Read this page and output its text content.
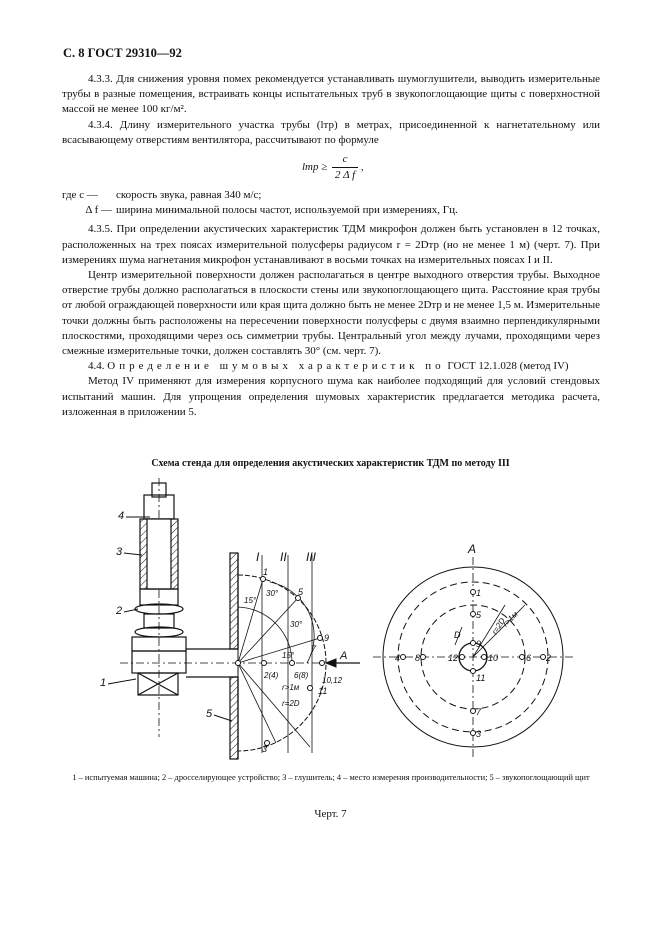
С. 8 ГОСТ 29310—92

4.3.3. Для снижения уровня помех рекомендуется устанавливать шумоглушители, выводить измерительные трубы в разные помещения, встраивать концы испытательных труб в звукопоглощающие щиты с поверхностной массой не менее 100 кг/м².

4.3.4. Длину измерительного участка трубы (lтр) в метрах, присоединенной к нагнетательному или всасывающему отверстиям вентилятора, рассчитывают по формуле

lтр ≥ $\frac{c}{\text{2 Δ f}}$ ,
где c —	скорость звука, равная 340 м/с;
Δ f — ширина минимальной полосы частот, используемой при измерениях, Гц.

4.3.5. При определении акустических характеристик ТДМ микрофон должен быть установлен в 12 точках, расположенных на трех поясах измерительной полусферы радиусом r = 2Dтр (но не менее 1 м) (черт. 7). При измерениях шума нагнетания микрофон устанавливают в восьми точках на измерительных поясах I и II.

Центр измерительной поверхности должен располагаться в центре выходного отверстия трубы. Выходное отверстие трубы должно располагаться в плоскости стены или звукопоглощающего щита. Расстояние края трубы от любой ограждающей поверхности или края щита должно быть не менее 2Dтр и не менее 1,5 м. Измерительные точки должны быть расположены на пересечении поверхности полусферы с двумя взаимно перпендикулярными плоскостями, проходящими через ось симметрии трубы. Центральный угол между лучами, проходящими через смежные измерительные точки, должен составлять 30° (см. черт. 7).

4.4. Определение шумовых характеристик по ГОСТ 12.1.028 (метод IV)

Метод IV применяют для измерения корпусного шума как наиболее подходящий для условий стендовых испытаний машин. Для упрощения определения шумовых характеристик предлагается методика расчета, изложенная в приложении 5.

Схема стенда для определения акустических характеристик ТДМ по методу III
4
3
2
1
5
I II III
15°
30°
30°
15°
1
5
9
7
2(4) 6(8)
10,12
11
3
r>1м
r=2D
A
A
1
5
9
4 8	12	10	6 2
11
7
3
D
r>1м
r=2D
1 – испытуемая машина; 2 – дросселирующее устройство; 3 – глушитель; 4 – место измерения производительности; 5 – звукопоглощающий щит
Черт. 7
